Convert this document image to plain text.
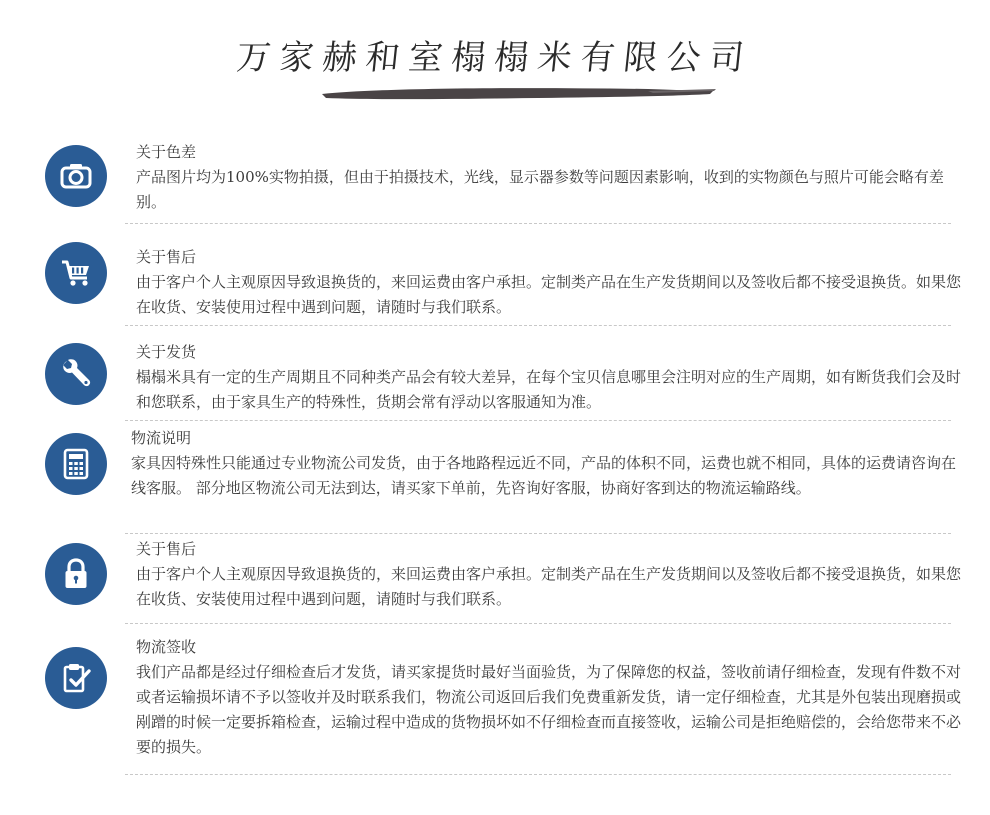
万家赫和室榻榻米有限公司
关于色差
产品图片均为100%实物拍摄，但由于拍摄技术，光线，显示器参数等问题因素影响，收到的实物颜色与照片可能会略有差别。
关于售后
由于客户个人主观原因导致退换货的，来回运费由客户承担。定制类产品在生产发货期间以及签收后都不接受退换货。如果您在收货、安装使用过程中遇到问题，请随时与我们联系。
关于发货
榻榻米具有一定的生产周期且不同种类产品会有较大差异，在每个宝贝信息哪里会注明对应的生产周期，如有断货我们会及时和您联系，由于家具生产的特殊性，货期会常有浮动以客服通知为准。
物流说明
家具因特殊性只能通过专业物流公司发货，由于各地路程远近不同，产品的体积不同，运费也就不相同，具体的运费请咨询在线客服。 部分地区物流公司无法到达，请买家下单前，先咨询好客服，协商好客到达的物流运输路线。
关于售后
由于客户个人主观原因导致退换货的，来回运费由客户承担。定制类产品在生产发货期间以及签收后都不接受退换货，如果您在收货、安装使用过程中遇到问题，请随时与我们联系。
物流签收
我们产品都是经过仔细检查后才发货，请买家提货时最好当面验货，为了保障您的权益，签收前请仔细检查，发现有件数不对或者运输损坏请不予以签收并及时联系我们，物流公司返回后我们免费重新发货，请一定仔细检查，尤其是外包装出现磨损或剐蹭的时候一定要拆箱检查，运输过程中造成的货物损坏如不仔细检查而直接签收，运输公司是拒绝赔偿的，会给您带来不必要的损失。
